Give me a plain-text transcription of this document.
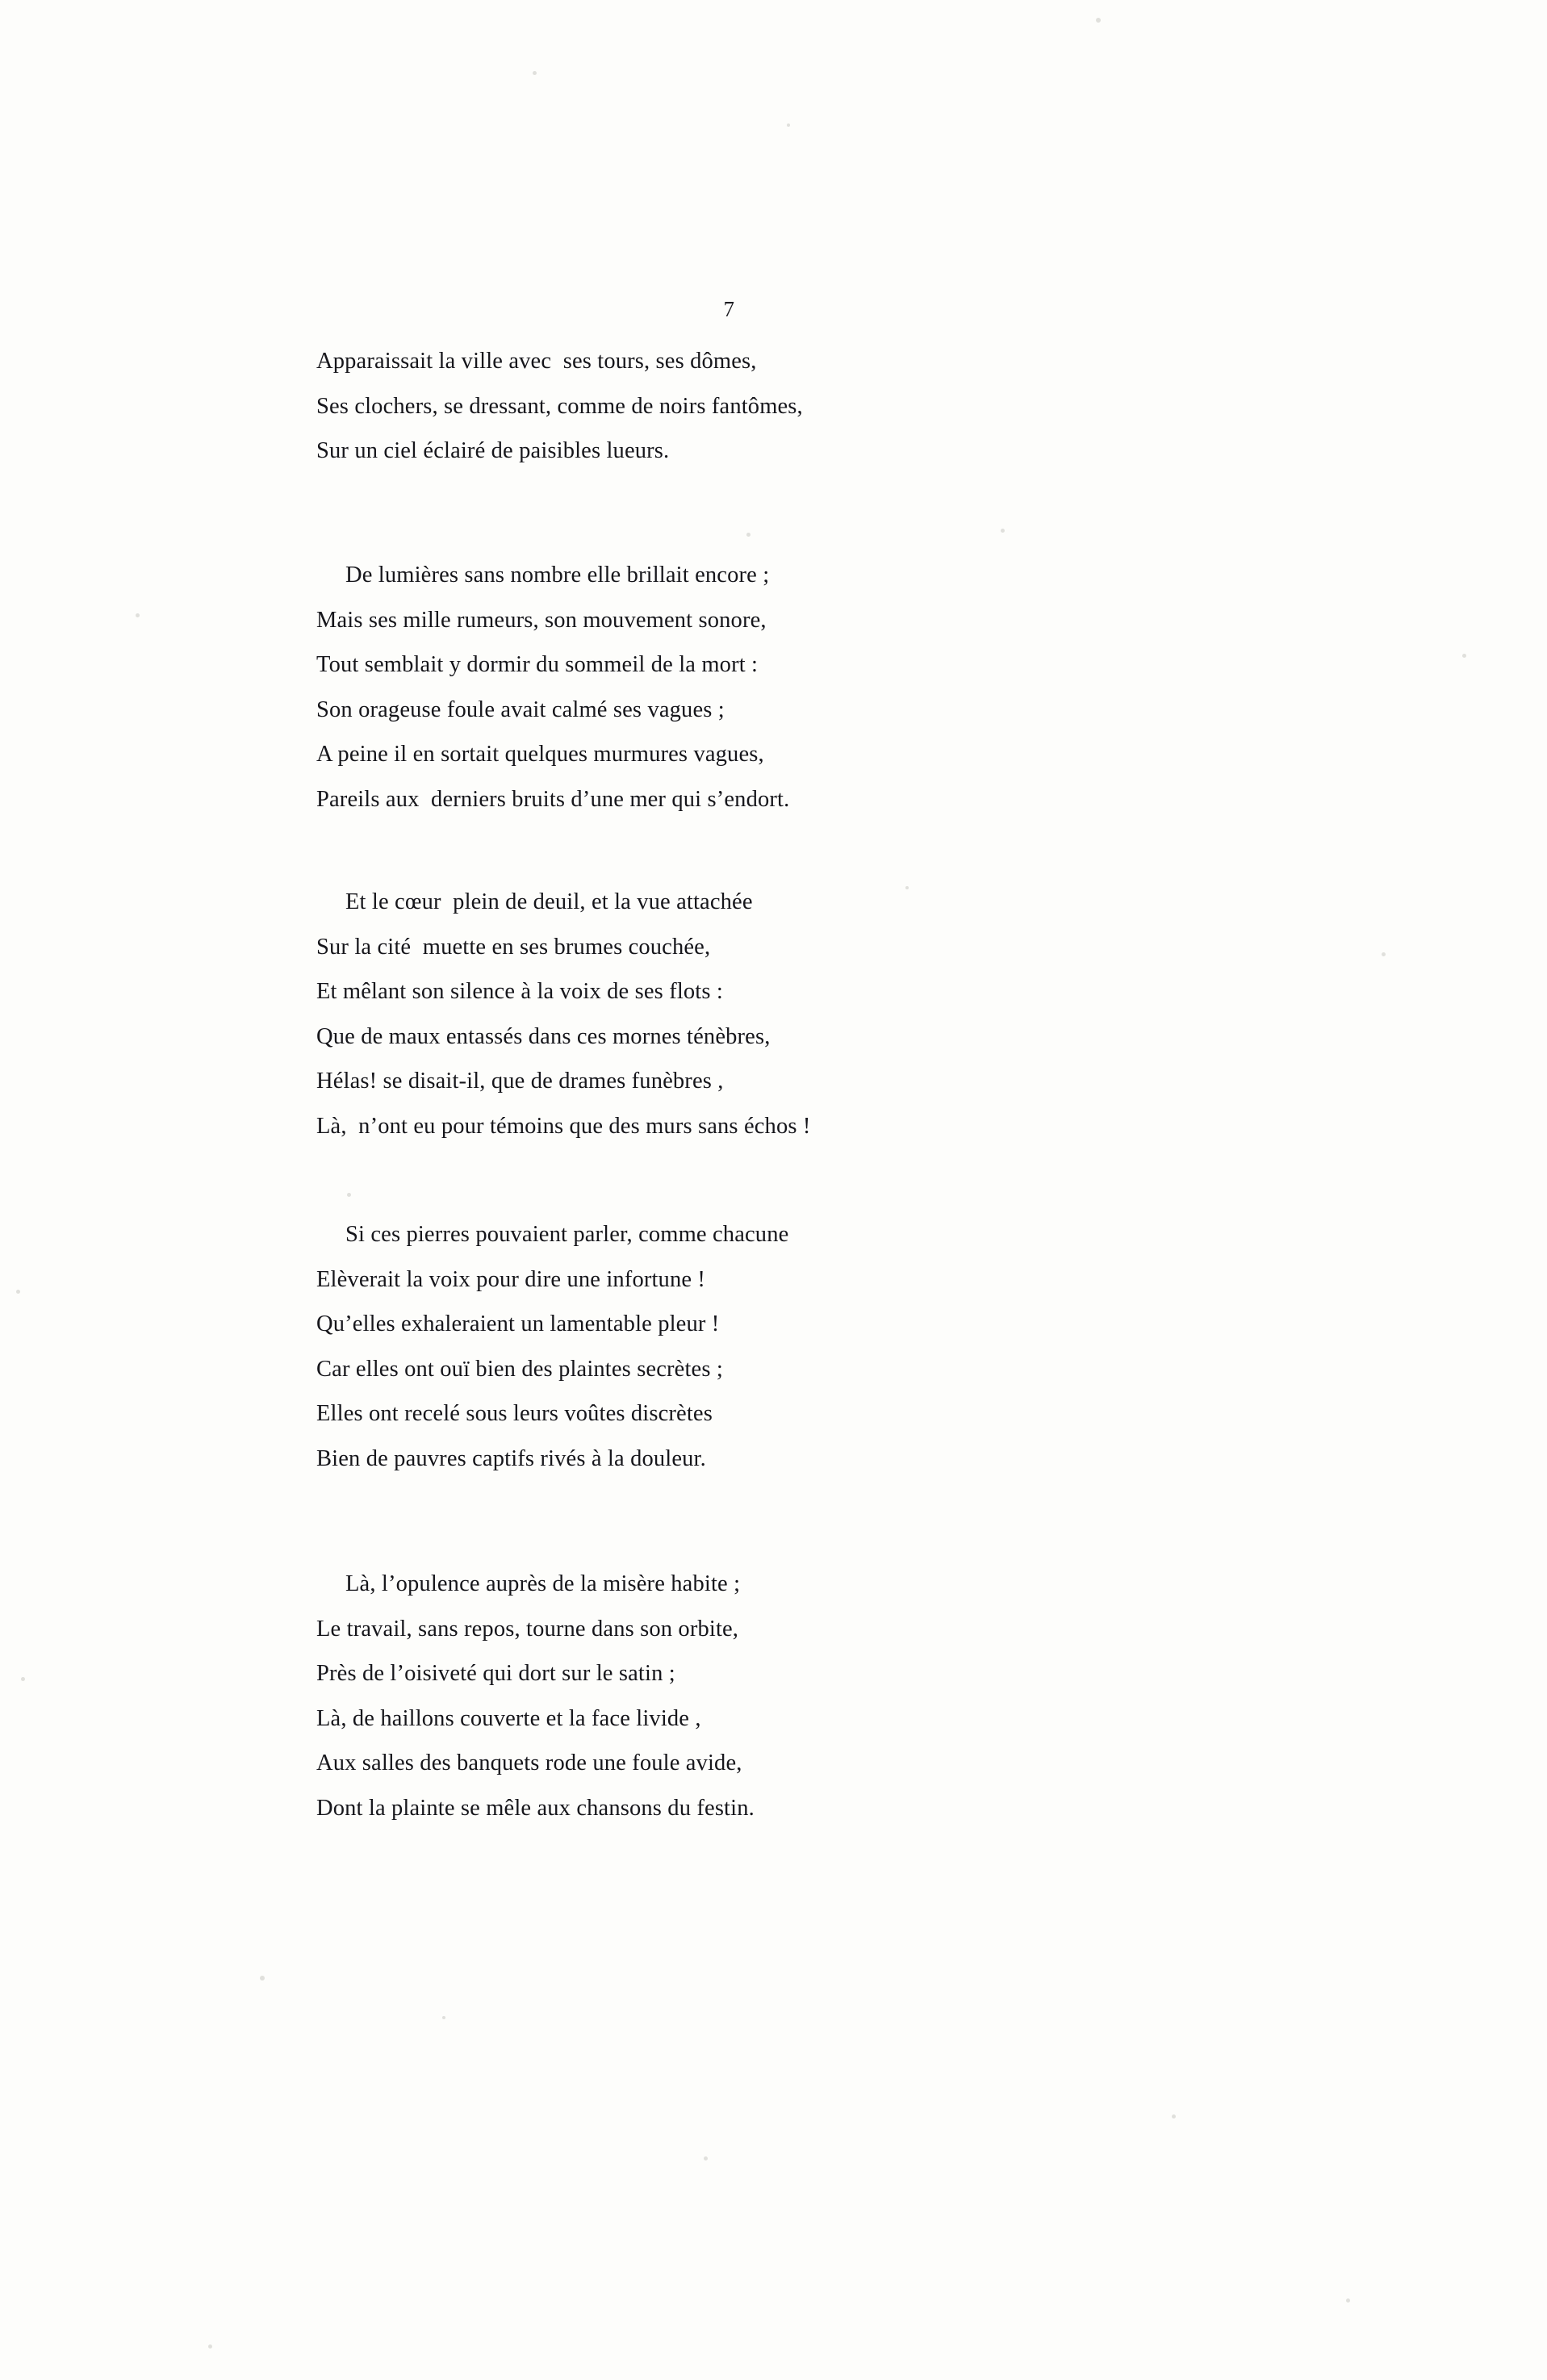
7
Apparaissait la ville avec  ses tours, ses dômes,
Ses clochers, se dressant, comme de noirs fantômes,
Sur un ciel éclairé de paisibles lueurs.
De lumières sans nombre elle brillait encore ;
Mais ses mille rumeurs, son mouvement sonore,
Tout semblait y dormir du sommeil de la mort :
Son orageuse foule avait calmé ses vagues ;
A peine il en sortait quelques murmures vagues,
Pareils aux  derniers bruits d’une mer qui s’endort.
Et le cœur  plein de deuil, et la vue attachée
Sur la cité  muette en ses brumes couchée,
Et mêlant son silence à la voix de ses flots :
Que de maux entassés dans ces mornes ténèbres,
Hélas! se disait-il, que de drames funèbres ,
Là,  n’ont eu pour témoins que des murs sans échos !
Si ces pierres pouvaient parler, comme chacune
Elèverait la voix pour dire une infortune !
Qu’elles exhaleraient un lamentable pleur !
Car elles ont ouï bien des plaintes secrètes ;
Elles ont recelé sous leurs voûtes discrètes
Bien de pauvres captifs rivés à la douleur.
Là, l’opulence auprès de la misère habite ;
Le travail, sans repos, tourne dans son orbite,
Près de l’oisiveté qui dort sur le satin ;
Là, de haillons couverte et la face livide ,
Aux salles des banquets rode une foule avide,
Dont la plainte se mêle aux chansons du festin.
